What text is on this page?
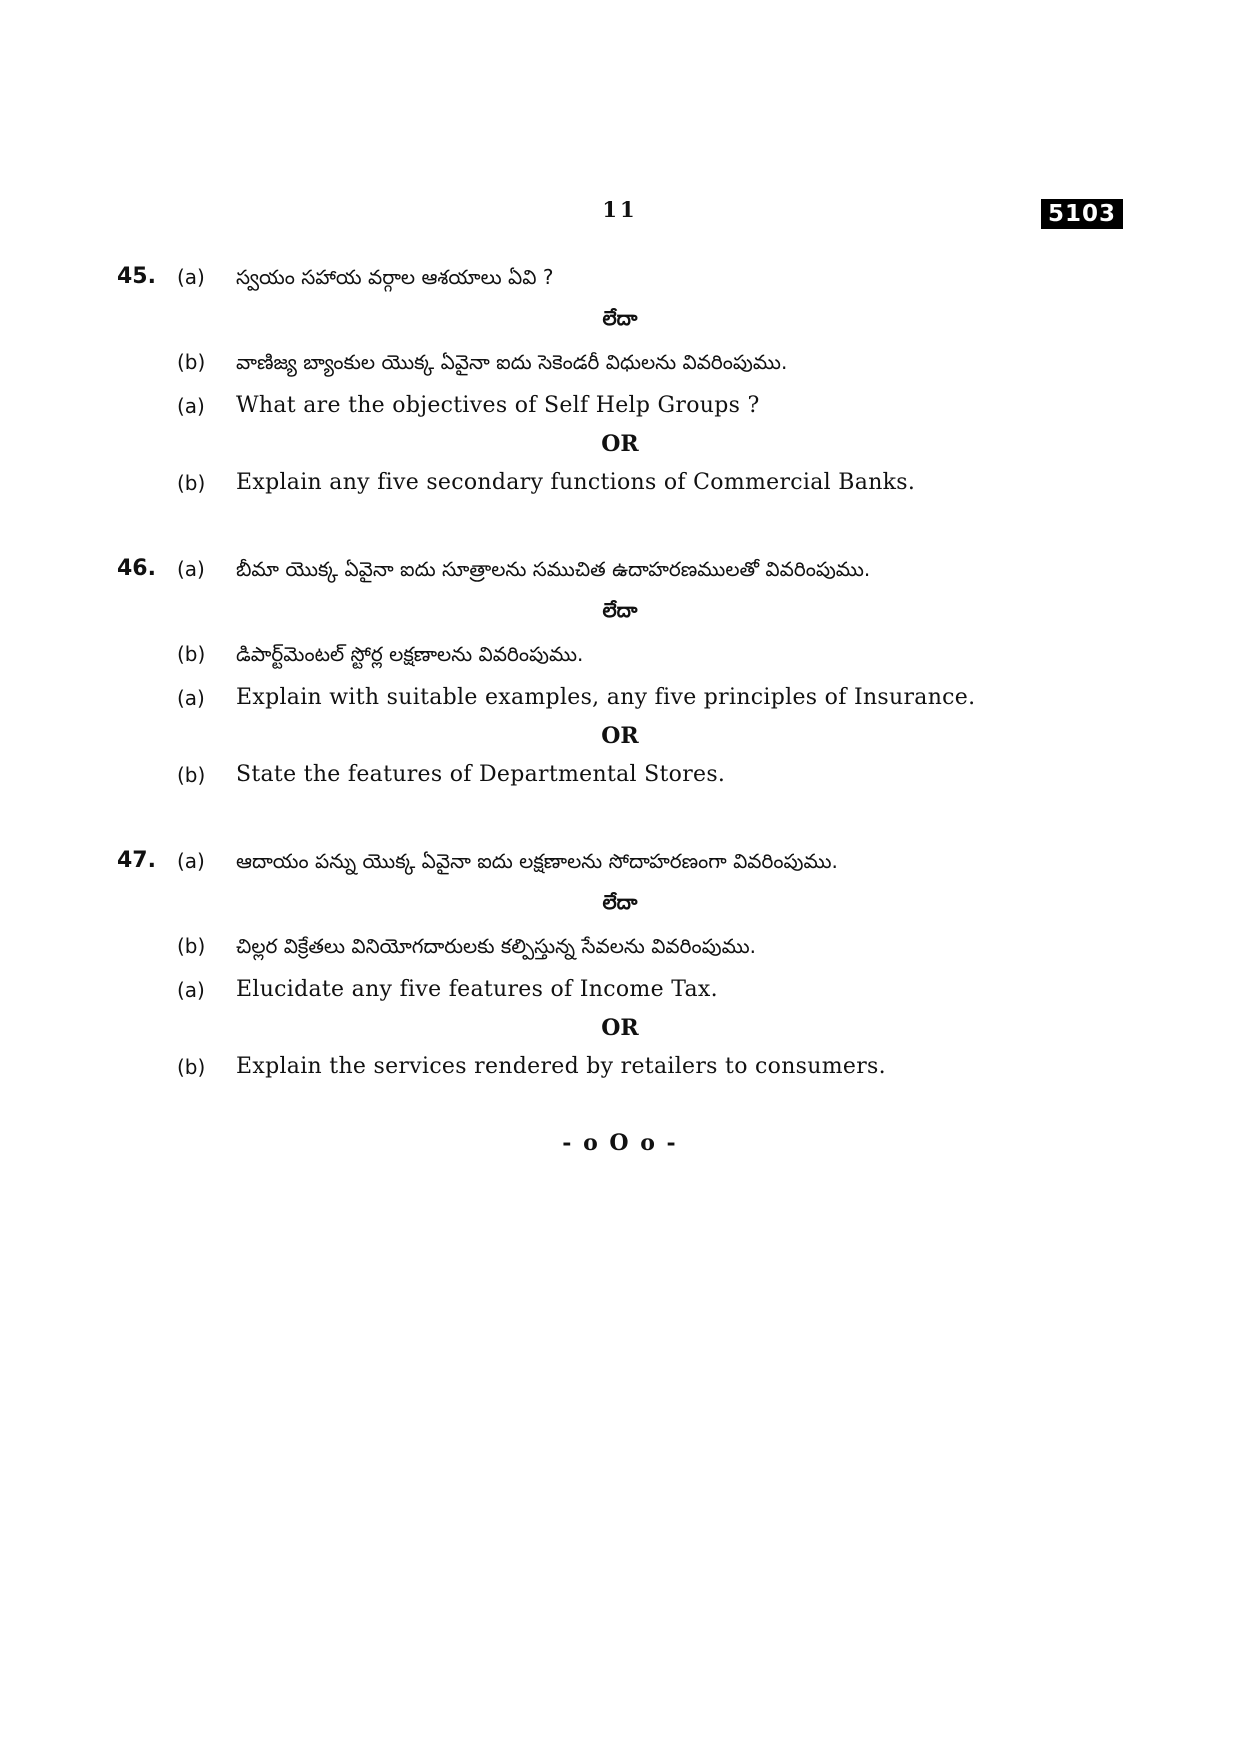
11	5103
45. (a) స్వయం సహాయ వర్గాల ఆశయాలు ఏవి ?
లేదా
(b) వాణిజ్య బ్యాంకుల యొక్క ఏవైనా ఐదు సెకెండరీ విధులను వివరింపుము.
(a) What are the objectives of Self Help Groups ?
OR
(b) Explain any five secondary functions of Commercial Banks.
46. (a) బీమా యొక్క ఏవైనా ఐదు సూత్రాలను సముచిత ఉదాహరణములతో వివరింపుము.
లేదా
(b) డిపార్ట్‌మెంటల్ స్టోర్ల లక్షణాలను వివరింపుము.
(a) Explain with suitable examples, any five principles of Insurance.
OR
(b) State the features of Departmental Stores.
47. (a) ఆదాయం పన్ను యొక్క ఏవైనా ఐదు లక్షణాలను సోదాహరణంగా వివరింపుము.
లేదా
(b) చిల్లర విక్రేతలు వినియోగదారులకు కల్పిస్తున్న సేవలను వివరింపుము.
(a) Elucidate any five features of Income Tax.
OR
(b) Explain the services rendered by retailers to consumers.
- o O o -
